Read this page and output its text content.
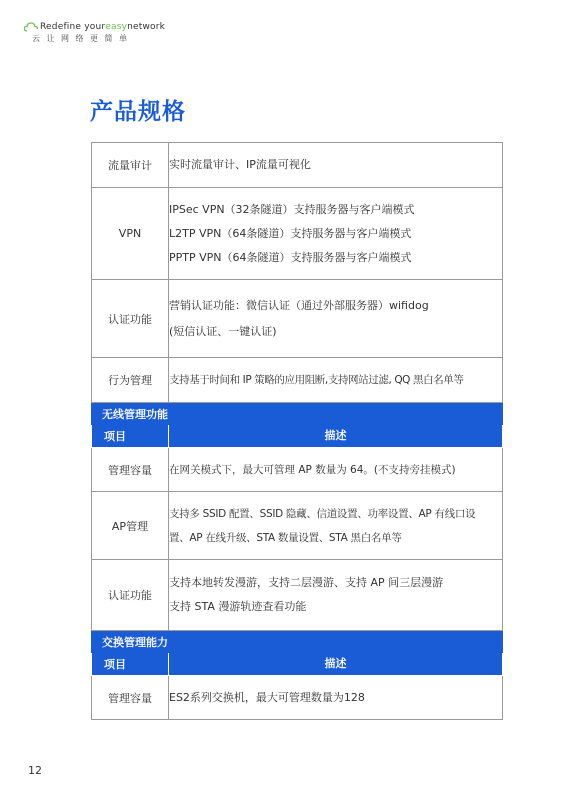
Rede fine your easy network
云让网络更简单
产品规格
流量审计	实时流量审计、IP流量可视化

VPN	IPSec VPN（32条隧道）支持服务器与客户端模式
L2TP VPN（64条隧道）支持服务器与客户端模式
PPTP VPN（64条隧道）支持服务器与客户端模式

认证功能	营销认证功能：微信认证（通过外部服务器）wifidog
(短信认证、一键认证)

行为管理	支持基于时间和 IP 策略的应用阻断,支持网站过滤, QQ 黑白名单等

无线管理功能	
项目	描述
管理容量	在网关模式下，最大可管理 AP 数量为 64。(不支持旁挂模式)

AP管理	支持多 SSID 配置、SSID 隐藏、信道设置、功率设置、AP 有线口设
置、AP 在线升级、STA 数量设置、STA 黑白名单等

认证功能	支持本地转发漫游，支持二层漫游、支持 AP 间三层漫游
支持 STA 漫游轨迹查看功能

交换管理能力	
项目	描述
管理容量	ES2系列交换机，最大可管理数量为128
12
